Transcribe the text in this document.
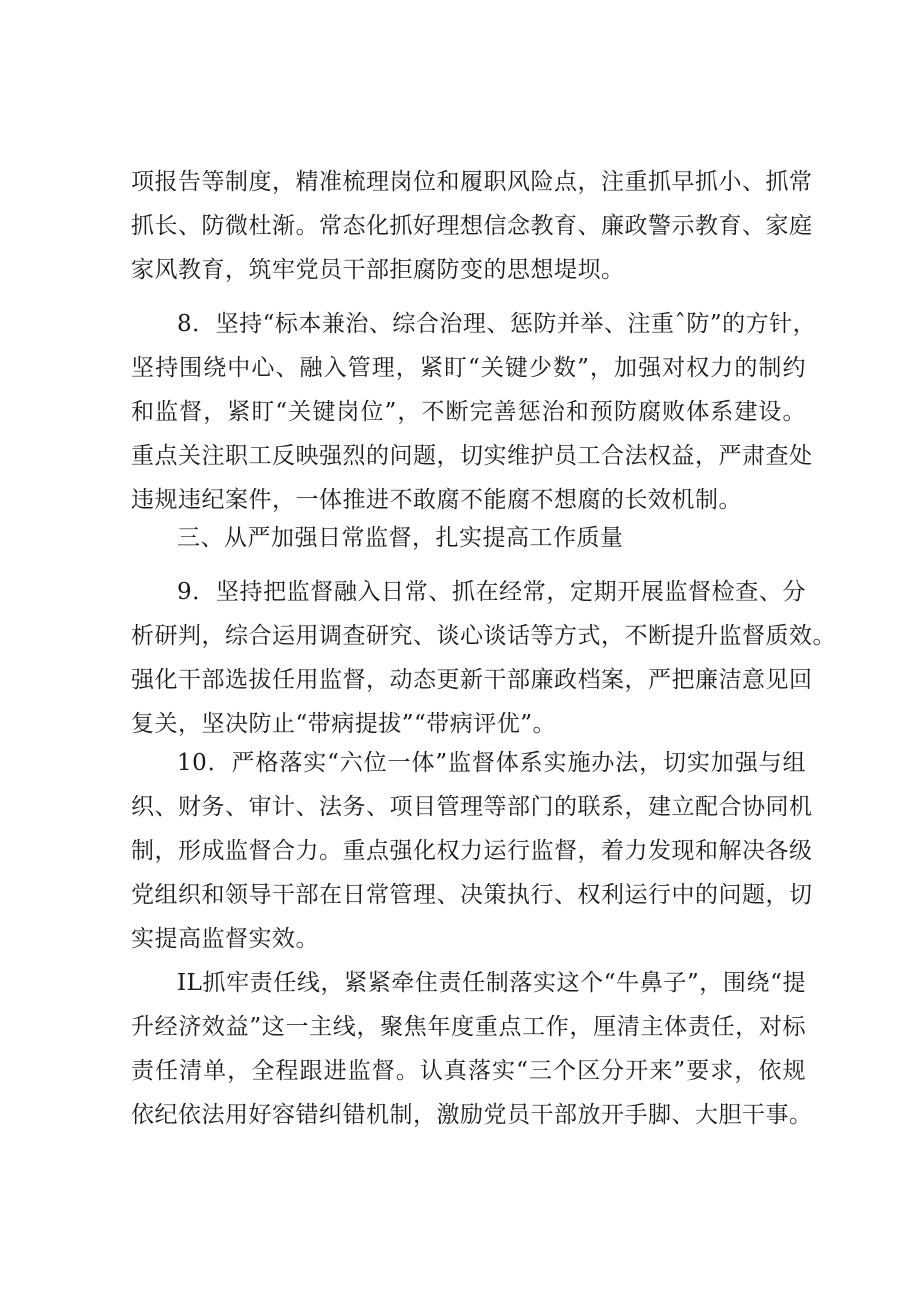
项报告等制度，精准梳理岗位和履职风险点，注重抓早抓小、抓常
抓长、防微杜渐。常态化抓好理想信念教育、廉政警示教育、家庭
家风教育，筑牢党员干部拒腐防变的思想堤坝。
8．坚持“标本兼治、综合治理、惩防并举、注重ˆ防”的方针，
坚持围绕中心、融入管理，紧盯“关键少数”，加强对权力的制约
和监督，紧盯“关键岗位”，不断完善惩治和预防腐败体系建设。
重点关注职工反映强烈的问题，切实维护员工合法权益，严肃查处
违规违纪案件，一体推进不敢腐不能腐不想腐的长效机制。
三、从严加强日常监督，扎实提高工作质量
9．坚持把监督融入日常、抓在经常，定期开展监督检查、分
析研判，综合运用调查研究、谈心谈话等方式，不断提升监督质效。
强化干部选拔任用监督，动态更新干部廉政档案，严把廉洁意见回
复关，坚决防止“带病提拔”“带病评优”。
10．严格落实“六位一体”监督体系实施办法，切实加强与组
织、财务、审计、法务、项目管理等部门的联系，建立配合协同机
制，形成监督合力。重点强化权力运行监督，着力发现和解决各级
党组织和领导干部在日常管理、决策执行、权利运行中的问题，切
实提高监督实效。
IL抓牢责任线，紧紧牵住责任制落实这个“牛鼻子”，围绕“提
升经济效益”这一主线，聚焦年度重点工作，厘清主体责任，对标
责任清单，全程跟进监督。认真落实“三个区分开来”要求，依规
依纪依法用好容错纠错机制，激励党员干部放开手脚、大胆干事。
